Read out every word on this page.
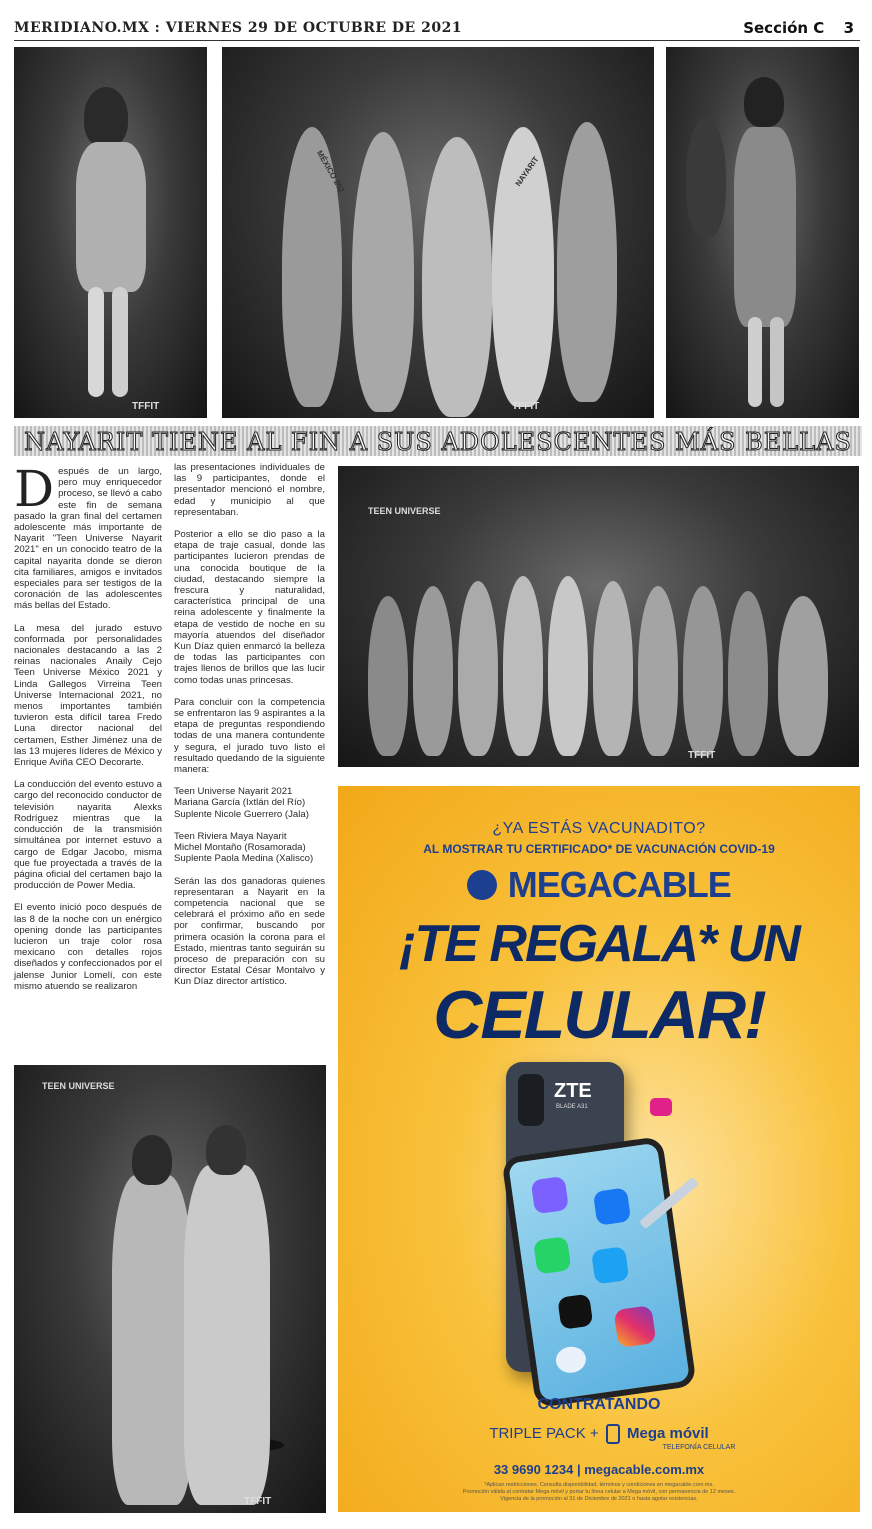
MERIDIANO.MX : VIERNES 29 DE OCTUBRE DE 2021	Sección C 3
TFFIT
MÉXICO 202	NAYARIT
TFFIT
NAYARIT TIENE AL FIN A SUS ADOLESCENTES MÁS BELLAS

Después de un largo, pero muy enriquecedor proceso, se llevó a cabo este fin de semana pasado la gran final del certamen adolescente más importante de Nayarit "Teen Universe Nayarit 2021" en un conocido teatro de la capital nayarita donde se dieron cita familiares, amigos e invitados especiales para ser testigos de la coronación de las adolescentes más bellas del Estado.

La mesa del jurado estuvo conformada por personalidades nacionales destacando a las 2 reinas nacionales Anaily Cejo Teen Universe México 2021 y Linda Gallegos Virreina Teen Universe Internacional 2021, no menos importantes también tuvieron esta difícil tarea Fredo Luna director nacional del certamen, Esther Jiménez una de las 13 mujeres líderes de México y Enrique Aviña CEO Decorarte.

La conducción del evento estuvo a cargo del reconocido conductor de televisión nayarita Alexks Rodríguez mientras que la conducción de la transmisión simultánea por internet estuvo a cargo de Edgar Jacobo, misma que fue proyectada a través de la página oficial del certamen bajo la producción de Power Media.

El evento inició poco después de las 8 de la noche con un enérgico opening donde las participantes lucieron un traje color rosa mexicano con detalles rojos diseñados y confeccionados por el jalense Junior Lomelí, con este mismo atuendo se realizaron

las presentaciones individuales de las 9 participantes, donde el presentador mencionó el nombre, edad y municipio al que representaban.

Posterior a ello se dio paso a la etapa de traje casual, donde las participantes lucieron prendas de una conocida boutique de la ciudad, destacando siempre la frescura y naturalidad, característica principal de una reina adolescente y finalmente la etapa de vestido de noche en su mayoría atuendos del diseñador Kun Díaz quien enmarcó la belleza de todas las participantes con trajes llenos de brillos que las lucir como todas unas princesas.

Para concluir con la competencia se enfrentaron las 9 aspirantes a la etapa de preguntas respondiendo todas de una manera contundente y segura, el jurado tuvo listo el resultado quedando de la siguiente manera:

Teen Universe Nayarit 2021
Mariana García (Ixtlán del Río)
Suplente Nicole Guerrero (Jala)

Teen Riviera Maya Nayarit
Michel Montaño (Rosamorada)
Suplente Paola Medina (Xalisco)

Serán las dos ganadoras quienes representaran a Nayarit en la competencia nacional que se celebrará el próximo año en sede por confirmar, buscando por primera ocasión la corona para el Estado, mientras tanto seguirán su proceso de preparación con su director Estatal César Montalvo y Kun Díaz director artístico.

TEEN UNIVERSE
TFFIT
TEEN UNIVERSE
TFFIT
¿YA ESTÁS VACUNADITO?
AL MOSTRAR TU CERTIFICADO* DE VACUNACIÓN COVID-19
MEGACABLE
¡TE REGALA* UN
CELULAR!
ZTE
BLADE A31
CONTRATANDO
TRIPLE PACK + Mega móvil
TELEFONÍA CELULAR
33 9690 1234 | megacable.com.mx
*Aplican restricciones. Consulta disponibilidad, términos y condiciones en megacable.com.mx.
Promoción válida al contratar Mega móvil y portar tu línea celular a Mega móvil, con permanencia de 12 meses.
Vigencia de la promoción al 31 de Diciembre de 2021 o hasta agotar existencias.
